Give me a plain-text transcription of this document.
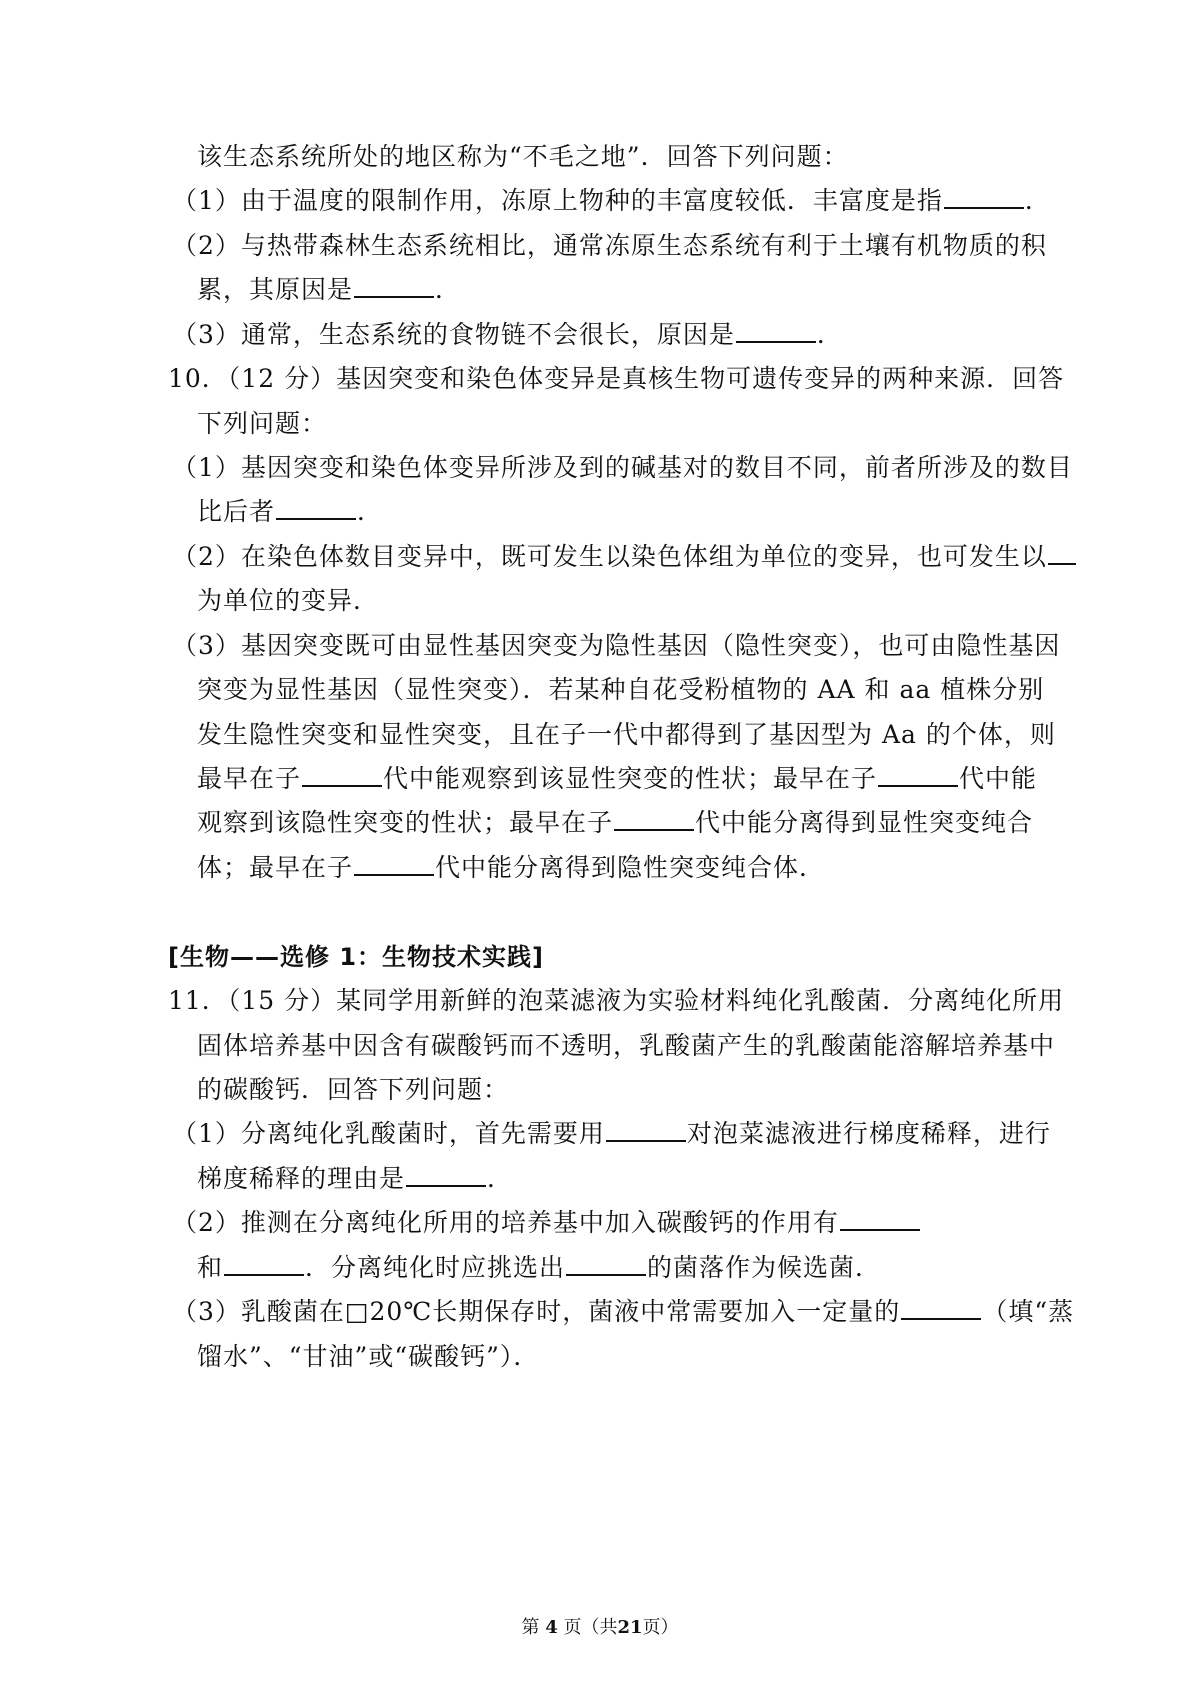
该生态系统所处的地区称为“不毛之地”．回答下列问题：
（1）由于温度的限制作用，冻原上物种的丰富度较低．丰富度是指	．
（2）与热带森林生态系统相比，通常冻原生态系统有利于土壤有机物质的积
累，其原因是	．
（3）通常，生态系统的食物链不会很长，原因是	．
10．（12 分）基因突变和染色体变异是真核生物可遗传变异的两种来源．回答
下列问题：
（1）基因突变和染色体变异所涉及到的碱基对的数目不同，前者所涉及的数目
比后者	．
（2）在染色体数目变异中，既可发生以染色体组为单位的变异，也可发生以
为单位的变异．
（3）基因突变既可由显性基因突变为隐性基因（隐性突变），也可由隐性基因
突变为显性基因（显性突变）．若某种自花受粉植物的 AA 和 aa 植株分别
发生隐性突变和显性突变，且在子一代中都得到了基因型为 Aa 的个体，则
最早在子	代中能观察到该显性突变的性状；最早在子	代中能
观察到该隐性突变的性状；最早在子	代中能分离得到显性突变纯合
体；最早在子	代中能分离得到隐性突变纯合体．
[生物——选修 1：生物技术实践]
11．（15 分）某同学用新鲜的泡菜滤液为实验材料纯化乳酸菌．分离纯化所用
固体培养基中因含有碳酸钙而不透明，乳酸菌产生的乳酸菌能溶解培养基中
的碳酸钙．回答下列问题：
（1）分离纯化乳酸菌时，首先需要用	对泡菜滤液进行梯度稀释，进行
梯度稀释的理由是	．
（2）推测在分离纯化所用的培养基中加入碳酸钙的作用有
和	．分离纯化时应挑选出	的菌落作为候选菌．
（3）乳酸菌在□20℃长期保存时，菌液中常需要加入一定量的	（填“蒸
馏水”、“甘油”或“碳酸钙”）．
第 4 页（共21页）
